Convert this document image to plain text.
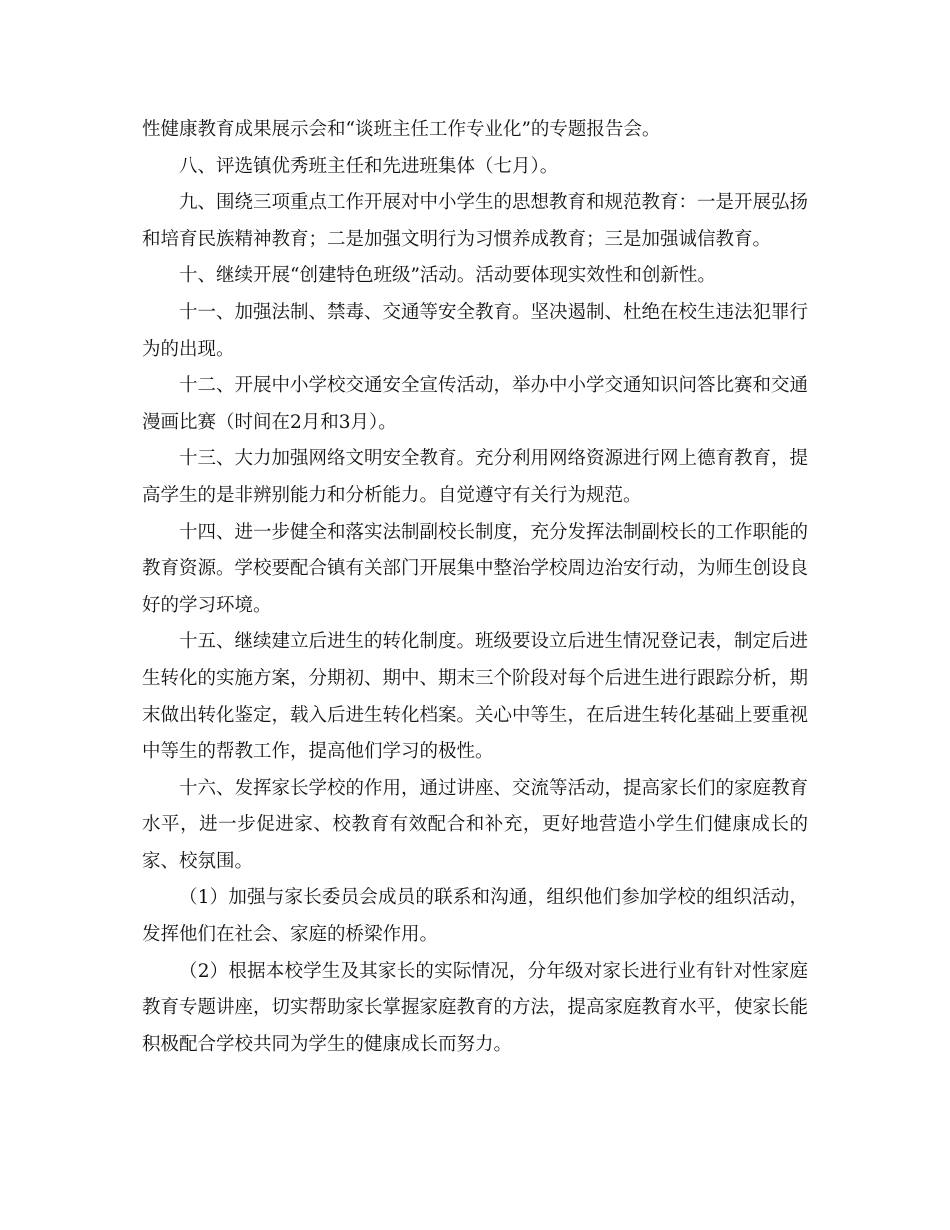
性健康教育成果展示会和“谈班主任工作专业化”的专题报告会。

八、评选镇优秀班主任和先进班集体（七月）。

九、围绕三项重点工作开展对中小学生的思想教育和规范教育：一是开展弘扬和培育民族精神教育；二是加强文明行为习惯养成教育；三是加强诚信教育。

十、继续开展“创建特色班级”活动。活动要体现实效性和创新性。

十一、加强法制、禁毒、交通等安全教育。坚决遏制、杜绝在校生违法犯罪行为的出现。

十二、开展中小学校交通安全宣传活动，举办中小学交通知识问答比赛和交通漫画比赛（时间在2月和3月）。

十三、大力加强网络文明安全教育。充分利用网络资源进行网上德育教育，提高学生的是非辨别能力和分析能力。自觉遵守有关行为规范。

十四、进一步健全和落实法制副校长制度，充分发挥法制副校长的工作职能的教育资源。学校要配合镇有关部门开展集中整治学校周边治安行动，为师生创设良好的学习环境。

十五、继续建立后进生的转化制度。班级要设立后进生情况登记表，制定后进生转化的实施方案，分期初、期中、期末三个阶段对每个后进生进行跟踪分析，期末做出转化鉴定，载入后进生转化档案。关心中等生，在后进生转化基础上要重视中等生的帮教工作，提高他们学习的极性。

十六、发挥家长学校的作用，通过讲座、交流等活动，提高家长们的家庭教育水平，进一步促进家、校教育有效配合和补充，更好地营造小学生们健康成长的家、校氛围。

（1）加强与家长委员会成员的联系和沟通，组织他们参加学校的组织活动，发挥他们在社会、家庭的桥梁作用。

（2）根据本校学生及其家长的实际情况，分年级对家长进行业有针对性家庭教育专题讲座，切实帮助家长掌握家庭教育的方法，提高家庭教育水平，使家长能积极配合学校共同为学生的健康成长而努力。
